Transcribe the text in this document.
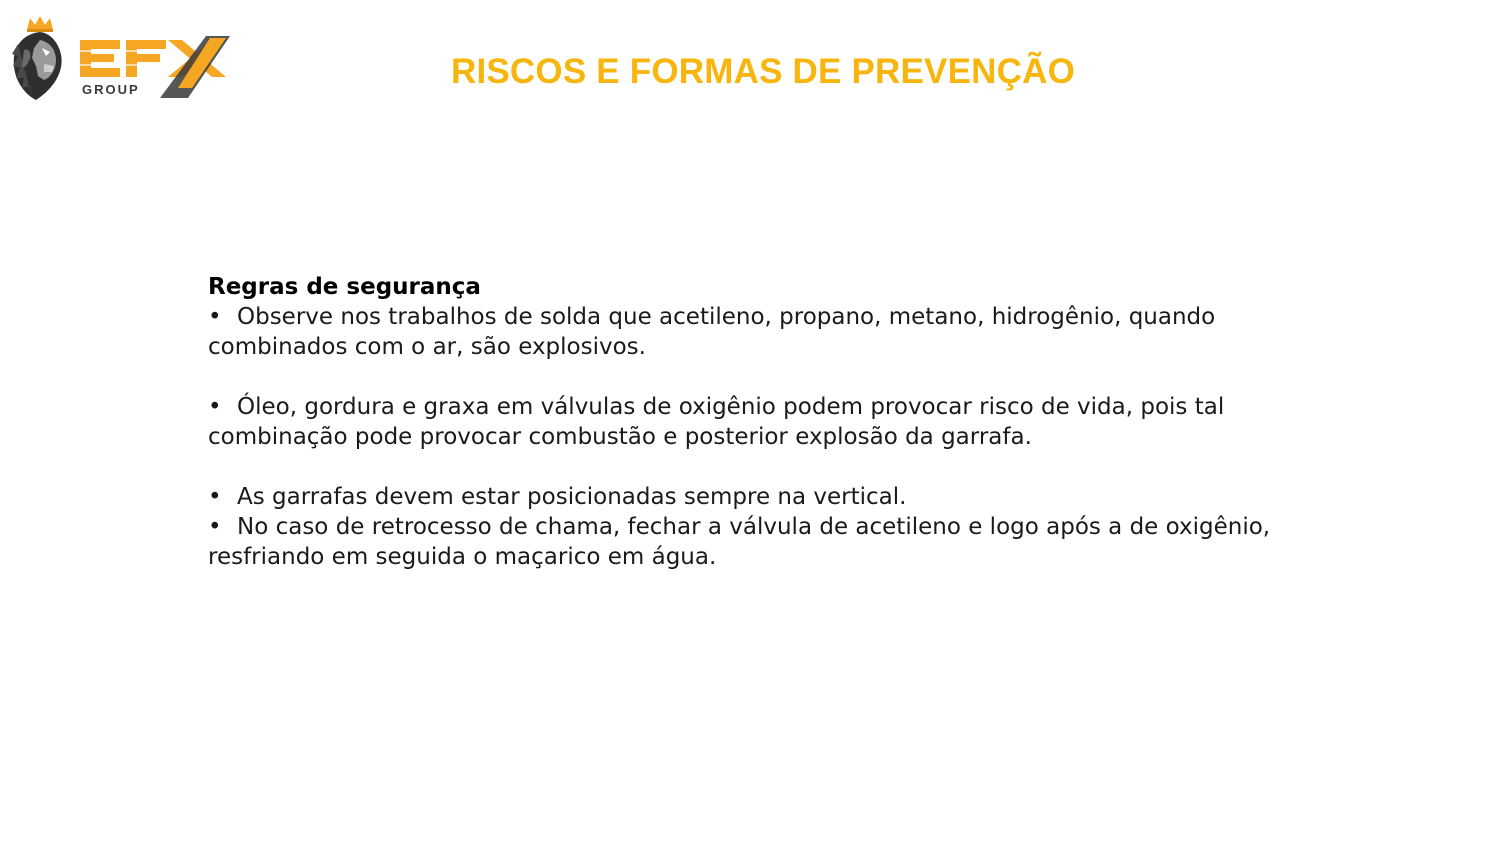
GROUP	RISCOS E FORMAS DE PREVENÇÃO

Regras de segurança

• Observe nos trabalhos de solda que acetileno, propano, metano, hidrogênio, quando combinados com o ar, são explosivos.

• Óleo, gordura e graxa em válvulas de oxigênio podem provocar risco de vida, pois tal combinação pode provocar combustão e posterior explosão da garrafa.

• As garrafas devem estar posicionadas sempre na vertical.

• No caso de retrocesso de chama, fechar a válvula de acetileno e logo após a de oxigênio, resfriando em seguida o maçarico em água.
